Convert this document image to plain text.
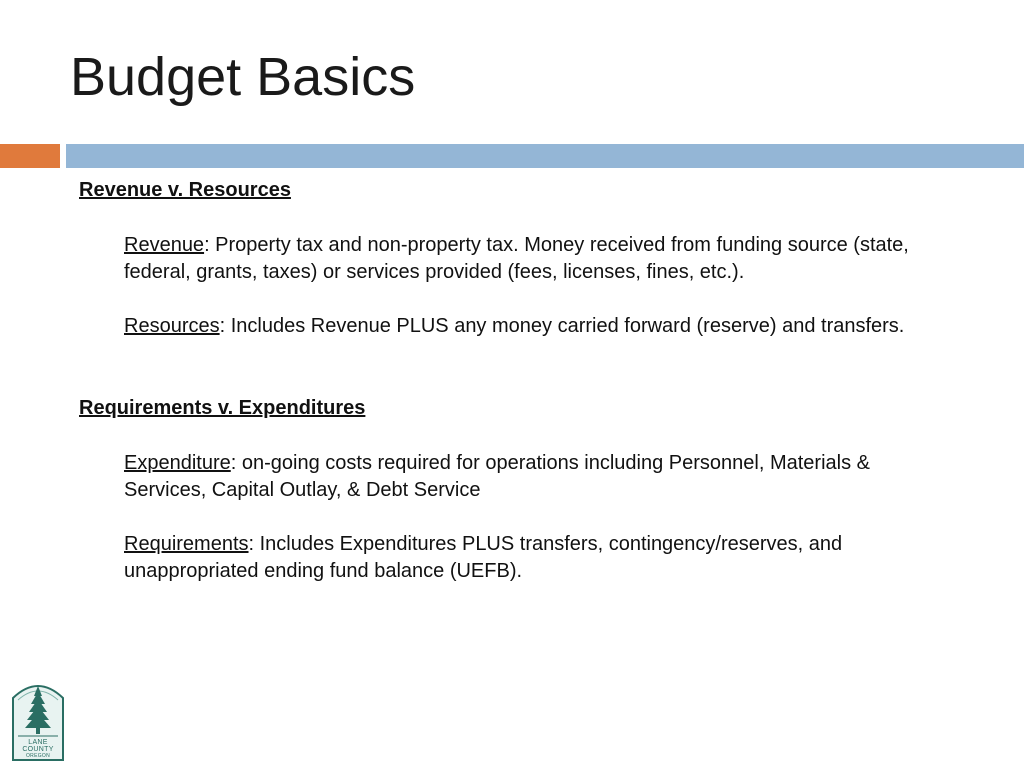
Budget Basics

Revenue v. Resources

Revenue: Property tax and non-property tax. Money received from funding source (state, federal, grants, taxes) or services provided (fees, licenses, fines, etc.).

Resources: Includes Revenue PLUS any money carried forward (reserve) and transfers.

Requirements v. Expenditures

Expenditure: on-going costs required for operations including Personnel, Materials & Services, Capital Outlay, & Debt Service

Requirements: Includes Expenditures PLUS transfers, contingency/reserves, and unappropriated ending fund balance (UEFB).

LANE
COUNTY
OREGON
